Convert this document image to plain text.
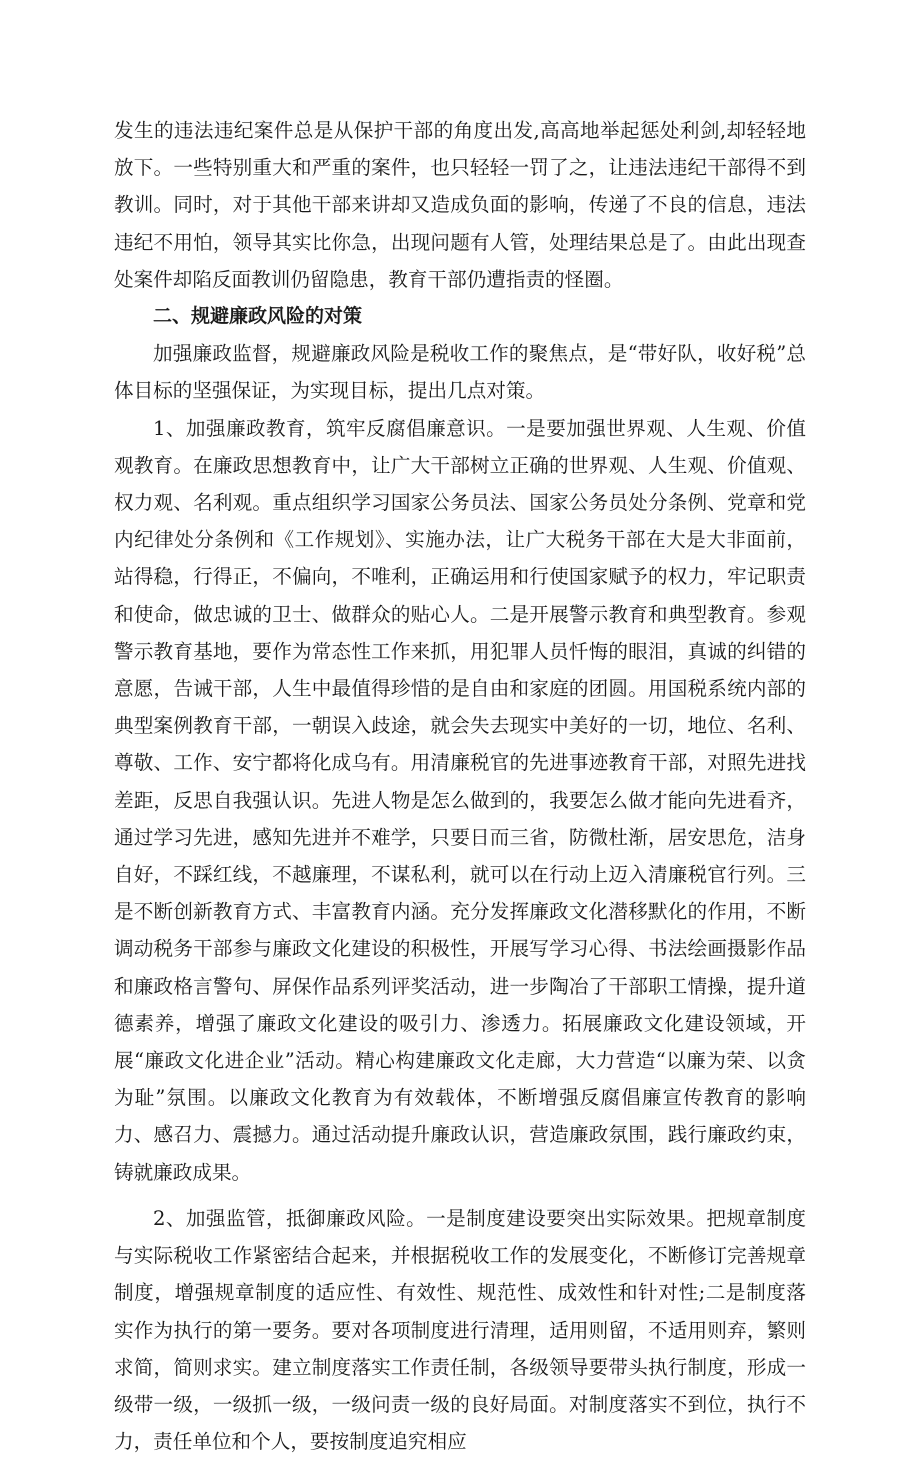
发生的违法违纪案件总是从保护干部的角度出发,高高地举起惩处利剑,却轻轻地放下。一些特别重大和严重的案件，也只轻轻一罚了之，让违法违纪干部得不到教训。同时，对于其他干部来讲却又造成负面的影响，传递了不良的信息，违法违纪不用怕，领导其实比你急，出现问题有人管，处理结果总是了。由此出现查处案件却陷反面教训仍留隐患，教育干部仍遭指责的怪圈。

二、规避廉政风险的对策

加强廉政监督，规避廉政风险是税收工作的聚焦点，是“带好队，收好税”总体目标的坚强保证，为实现目标，提出几点对策。

1、加强廉政教育，筑牢反腐倡廉意识。一是要加强世界观、人生观、价值观教育。在廉政思想教育中，让广大干部树立正确的世界观、人生观、价值观、权力观、名利观。重点组织学习国家公务员法、国家公务员处分条例、党章和党内纪律处分条例和《工作规划》、实施办法，让广大税务干部在大是大非面前，站得稳，行得正，不偏向，不唯利，正确运用和行使国家赋予的权力，牢记职责和使命，做忠诚的卫士、做群众的贴心人。二是开展警示教育和典型教育。参观警示教育基地，要作为常态性工作来抓，用犯罪人员忏悔的眼泪，真诚的纠错的意愿，告诫干部，人生中最值得珍惜的是自由和家庭的团圆。用国税系统内部的典型案例教育干部，一朝误入歧途，就会失去现实中美好的一切，地位、名利、尊敬、工作、安宁都将化成乌有。用清廉税官的先进事迹教育干部，对照先进找差距，反思自我强认识。先进人物是怎么做到的，我要怎么做才能向先进看齐，通过学习先进，感知先进并不难学，只要日而三省，防微杜渐，居安思危，洁身自好，不踩红线，不越廉理，不谋私利，就可以在行动上迈入清廉税官行列。三是不断创新教育方式、丰富教育内涵。充分发挥廉政文化潜移默化的作用，不断调动税务干部参与廉政文化建设的积极性，开展写学习心得、书法绘画摄影作品和廉政格言警句、屏保作品系列评奖活动，进一步陶冶了干部职工情操，提升道德素养，增强了廉政文化建设的吸引力、渗透力。拓展廉政文化建设领域，开展“廉政文化进企业”活动。精心构建廉政文化走廊，大力营造“以廉为荣、以贪为耻”氛围。以廉政文化教育为有效载体，不断增强反腐倡廉宣传教育的影响力、感召力、震撼力。通过活动提升廉政认识，营造廉政氛围，践行廉政约束，铸就廉政成果。

2、加强监管，抵御廉政风险。一是制度建设要突出实际效果。把规章制度与实际税收工作紧密结合起来，并根据税收工作的发展变化，不断修订完善规章制度，增强规章制度的适应性、有效性、规范性、成效性和针对性;二是制度落实作为执行的第一要务。要对各项制度进行清理，适用则留，不适用则弃，繁则求简，简则求实。建立制度落实工作责任制，各级领导要带头执行制度，形成一级带一级，一级抓一级，一级问责一级的良好局面。对制度落实不到位，执行不力，责任单位和个人，要按制度追究相应
